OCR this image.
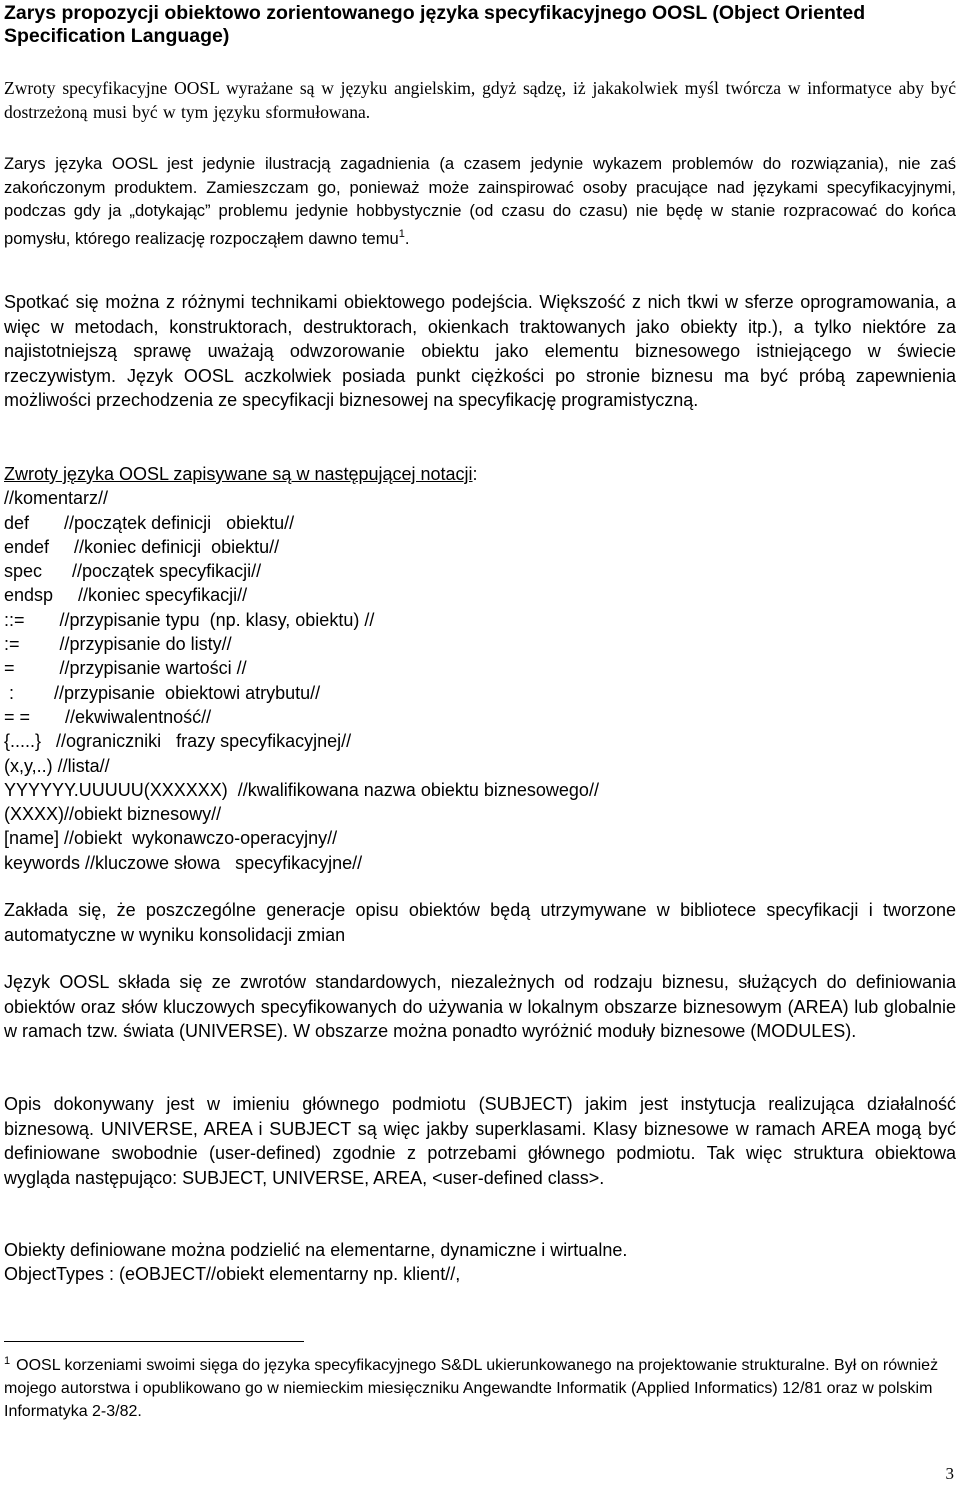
Zarys propozycji obiektowo zorientowanego języka specyfikacyjnego OOSL (Object Oriented Specification Language)
Zwroty specyfikacyjne OOSL wyrażane są w języku angielskim, gdyż sądzę, iż jakakolwiek myśl twórcza w informatyce aby być dostrzeżoną musi być w tym języku sformułowana.
Zarys języka OOSL jest jedynie ilustracją zagadnienia (a czasem jedynie wykazem problemów do rozwiązania), nie zaś zakończonym produktem. Zamieszczam go, ponieważ może zainspirować osoby pracujące nad językami specyfikacyjnymi, podczas gdy ja „dotykając” problemu jedynie hobbystycznie (od czasu do czasu) nie będę w stanie rozpracować do końca pomysłu, którego realizację rozpocząłem dawno temu$^1$.
Spotkać się można z różnymi technikami obiektowego podejścia. Większość z nich tkwi w sferze oprogramowania, a więc w metodach, konstruktorach, destruktorach, okienkach traktowanych jako obiekty itp.), a tylko niektóre za najistotniejszą sprawę uważają odwzorowanie obiektu jako elementu biznesowego istniejącego w świecie rzeczywistym. Język OOSL aczkolwiek posiada punkt ciężkości po stronie biznesu ma być próbą zapewnienia możliwości przechodzenia ze specyfikacji biznesowej na specyfikację programistyczną.
Zwroty języka OOSL zapisywane są w następującej notacji:
//komentarz//
def       //początek definicji   obiektu//
endef     //koniec definicji  obiektu//
spec      //początek specyfikacji//
endsp     //koniec specyfikacji//
::=       //przypisanie typu  (np. klasy, obiektu) //
:=        //przypisanie do listy//
=         //przypisanie wartości //
:        //przypisanie  obiektowi atrybutu//
= =       //ekwiwalentność//
{.....}   //ograniczniki   frazy specyfikacyjnej//
(x,y,..) //lista//
YYYYYY.UUUUU(XXXXXX)  //kwalifikowana nazwa obiektu biznesowego//
(XXXX)//obiekt biznesowy//
[name] //obiekt  wykonawczo-operacyjny//
keywords //kluczowe słowa   specyfikacyjne//
Zakłada się, że poszczególne generacje opisu obiektów będą utrzymywane w bibliotece specyfikacji i tworzone automatyczne w wyniku konsolidacji zmian
Język OOSL składa się ze zwrotów standardowych, niezależnych od rodzaju biznesu, służących do definiowania obiektów oraz słów kluczowych specyfikowanych do używania w lokalnym obszarze biznesowym (AREA) lub globalnie w ramach tzw. świata (UNIVERSE). W obszarze można ponadto wyróżnić moduły biznesowe (MODULES).
Opis dokonywany jest w imieniu głównego podmiotu (SUBJECT) jakim jest instytucja realizująca działalność biznesową. UNIVERSE, AREA i SUBJECT są więc jakby superklasami. Klasy biznesowe w ramach AREA mogą być definiowane swobodnie (user-defined) zgodnie z potrzebami głównego podmiotu. Tak więc struktura obiektowa wygląda następująco: SUBJECT, UNIVERSE, AREA, <user-defined class>.
Obiekty definiowane można podzielić na elementarne, dynamiczne i wirtualne.
ObjectTypes : (eOBJECT//obiekt elementarny np. klient//,
$^1$ OOSL korzeniami swoimi sięga do języka specyfikacyjnego S&DL ukierunkowanego na projektowanie strukturalne. Był on również mojego autorstwa i opublikowano go w niemieckim miesięczniku Angewandte Informatik (Applied Informatics) 12/81 oraz w polskim Informatyka 2-3/82.
3
